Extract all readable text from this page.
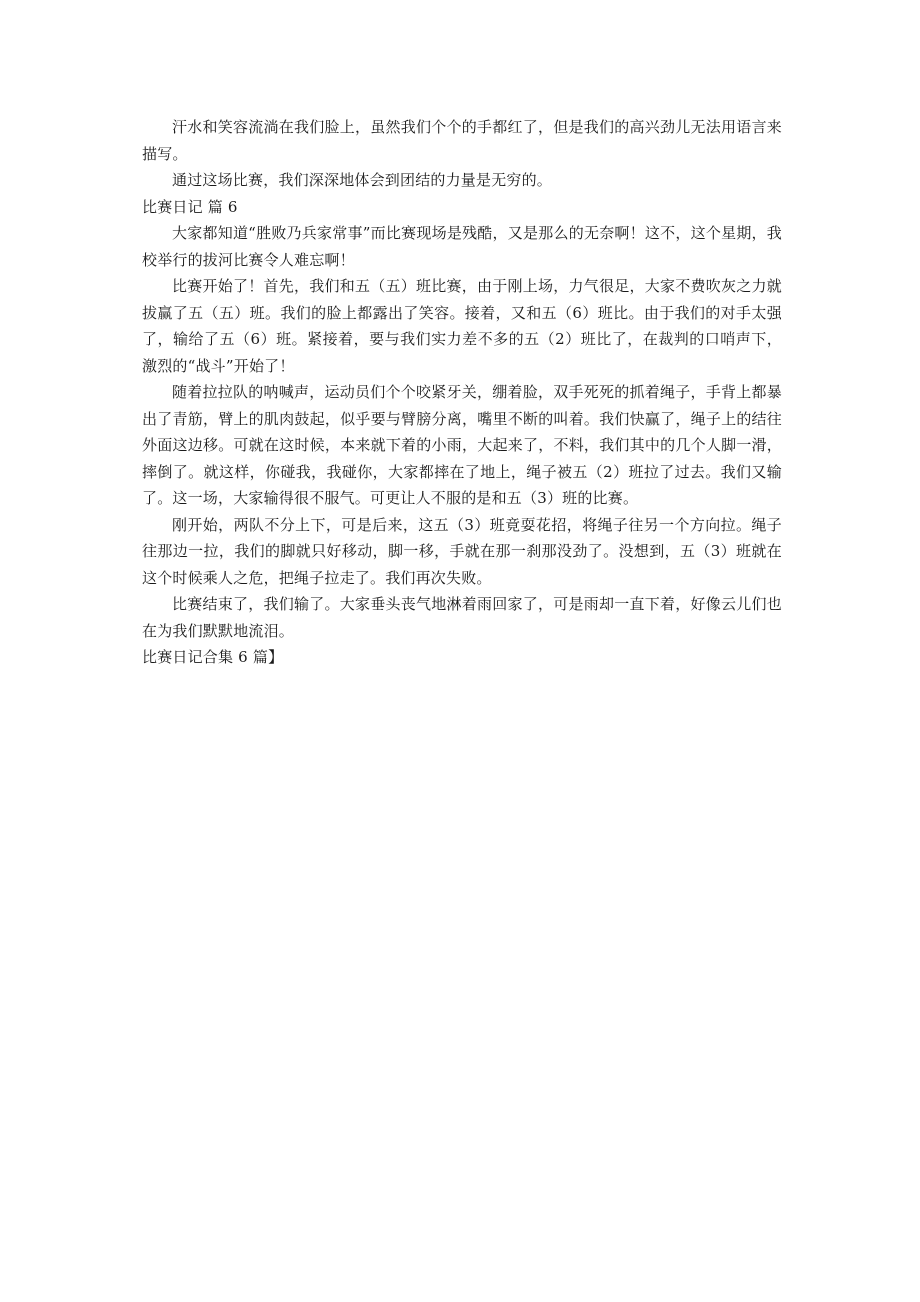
汗水和笑容流淌在我们脸上，虽然我们个个的手都红了，但是我们的高兴劲儿无法用语言来描写。

通过这场比赛，我们深深地体会到团结的力量是无穷的。

比赛日记 篇 6

大家都知道“胜败乃兵家常事”而比赛现场是残酷，又是那么的无奈啊！这不，这个星期，我校举行的拔河比赛令人难忘啊！

比赛开始了！首先，我们和五（五）班比赛，由于刚上场，力气很足，大家不费吹灰之力就拔赢了五（五）班。我们的脸上都露出了笑容。接着，又和五（6）班比。由于我们的对手太强了，输给了五（6）班。紧接着，要与我们实力差不多的五（2）班比了，在裁判的口哨声下，激烈的“战斗”开始了！

随着拉拉队的呐喊声，运动员们个个咬紧牙关，绷着脸，双手死死的抓着绳子，手背上都暴出了青筋，臂上的肌肉鼓起，似乎要与臂膀分离，嘴里不断的叫着。我们快赢了，绳子上的结往外面这边移。可就在这时候，本来就下着的小雨，大起来了，不料，我们其中的几个人脚一滑，摔倒了。就这样，你碰我，我碰你，大家都摔在了地上，绳子被五（2）班拉了过去。我们又输了。这一场，大家输得很不服气。可更让人不服的是和五（3）班的比赛。

刚开始，两队不分上下，可是后来，这五（3）班竟耍花招，将绳子往另一个方向拉。绳子往那边一拉，我们的脚就只好移动，脚一移，手就在那一刹那没劲了。没想到，五（3）班就在这个时候乘人之危，把绳子拉走了。我们再次失败。

比赛结束了，我们输了。大家垂头丧气地淋着雨回家了，可是雨却一直下着，好像云儿们也在为我们默默地流泪。

比赛日记合集 6 篇】
